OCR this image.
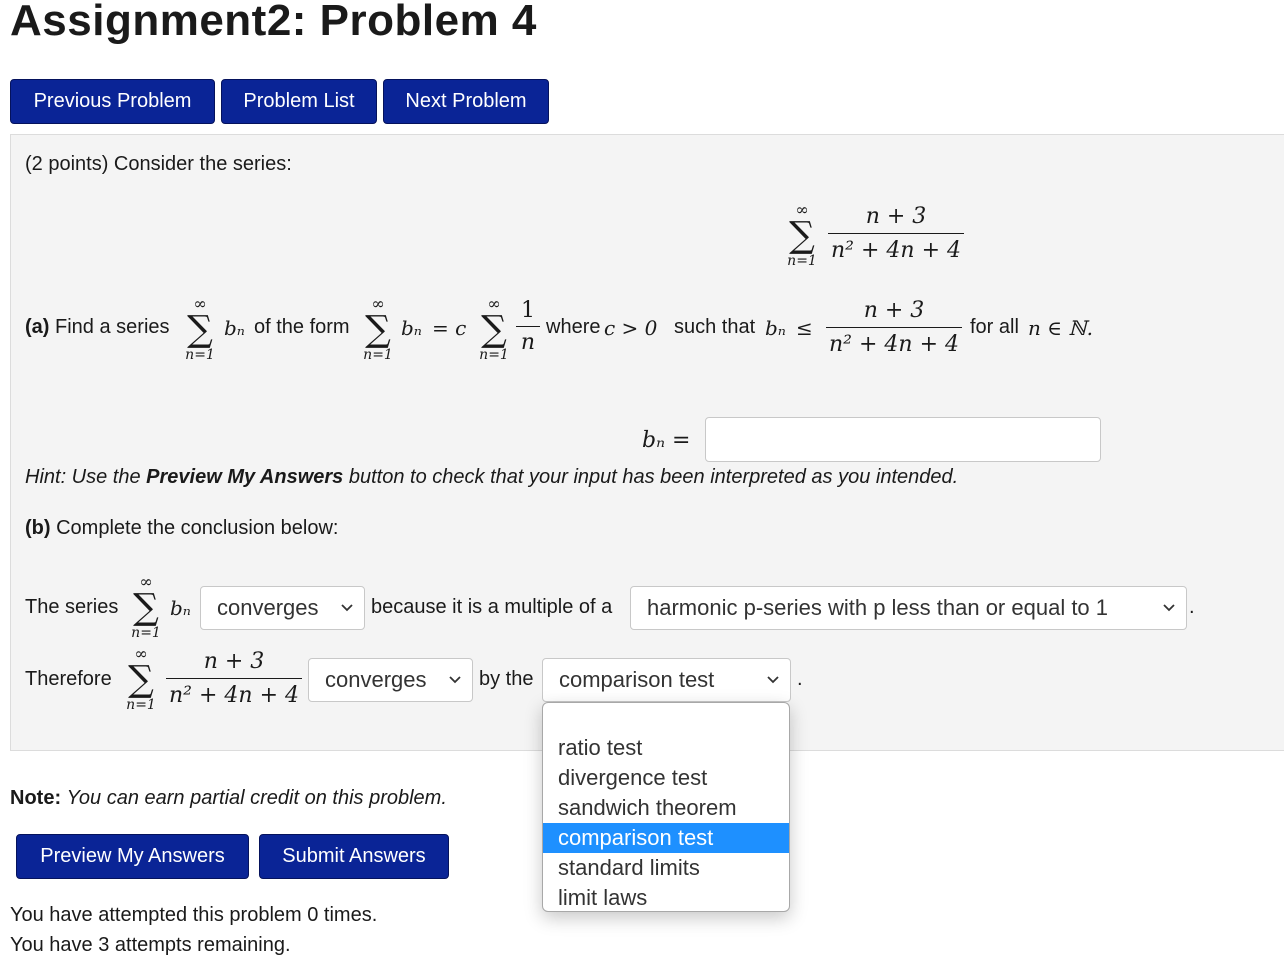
Assignment2: Problem 4
Previous Problem	Problem List	Next Problem
(2 points) Consider the series:
∞
∑
n=1
n + 3
n² + 4n + 4
(a) Find a series
∞
∑
n=1
bₙ of the form
∞
∑
n=1
bₙ = c
∞
∑
n=1
1
n
where c > 0 such that bₙ ≤
n + 3
n² + 4n + 4
for all n ∈ ℕ.
bₙ =
Hint: Use the Preview My Answers button to check that your input has been interpreted as you intended.
(b) Complete the conclusion below:
The series
∞
∑
n=1
bₙ converges	because it is a multiple of a harmonic p-series with p less than or equal to 1	.
Therefore
∞
∑
n=1
n + 3
n² + 4n + 4
converges	by the comparison test	.
Note: You can earn partial credit on this problem.
Preview My Answers	Submit Answers
You have attempted this problem 0 times.
You have 3 attempts remaining.
ratio test
divergence test
sandwich theorem
comparison test
standard limits
limit laws
